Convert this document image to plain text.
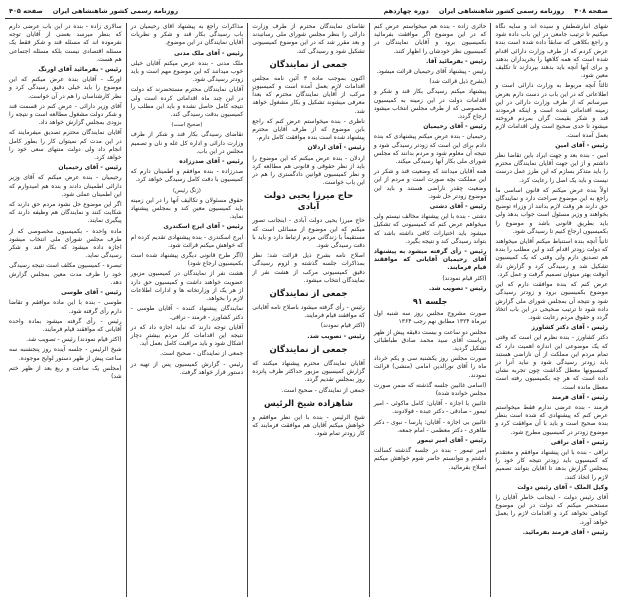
صفحه ۴۰۸
روزنامه رسمی کشور شاهنشاهی ایران
دوره چهاردهم
روزنامه رسمی کشور شاهنشاهی ایران
صفحه ۴۰۵

شهای انبارشطش و سیده اند و سایه نگاه میکنیم تا ترتیب جامعی در این باب داده شود و راجع بکلاهی که سابقاً داده شده است بنده عرض کردم که از طرف وزارت دارائی اقدام شده است که همه کلاهها را بخریداران بدهند و برای آنها آنچه باید بدهند بپردازند تا تکلیف معین شود.

ثالثاً آنچه مربوط به وزارت دارائی است و اطلاعاتی که در این باب در دست دارم بعرض میرسانم که از طرف وزارت دارائی در این زمینه اقداماتی شده است و اینکه فرمودند قند و شکر بقیمت گران بمردم فروخته میشود تا حدی صحیح است ولی اقدامات لازم بعمل آمده است.

رئیس - آقای امین

امین - بنده بعد و جهت ایراد باین تقاضا نظر داشتم و از این جهت آقایان نمایندگان محترم را باید متذکر بسازم که این طرز عمل درست نیست و باید یک اصل را رعایت کرد.

اولاً بنده عرض میکنم که قانون اساسی ما راجع به این موضوع صراحت دارد و نمایندگان حق دارند هر وقت لازم بدانند از وزراء توضیح بخواهند و وزیر مسئول است جواب بدهد ولی باید بطریق قانونی باشد و موضوع را بکمیسیون ارجاع کنیم تا رسیدگی شود.

ثانیاً آنچه بنده استنباط میکنم آقایان میخواهند که دولت زودتر اقدام کند و این مطلب را بنده هم تصدیق دارم ولی وقتی که یک کمیسیون تشکیل شد و رسیدگی کرد و گزارش داد آنوقت بهتر میتوان تصمیم گرفت و عمل کرد.

عرض کنم که بنده موافقت دارم که این موضوع بکمیسیون برود و زودتر رسیدگی شود و نتیجه آن بمجلس شورای ملی گزارش داده شود تا ترتیب صحیحی در این باب اتخاذ گردد و حقوق مردم رعایت شود.

رئیس - آقای دکتر کشاورز

دکتر کشاورز - بنده نظرم این است که وقتی که یک موضوعی این اندازه اهمیت دارد که تمام مردم این مملکت از آن ناراضی هستند باید زودتر رسیدگی شود و نباید آنرا در کمیسیونها معطل گذاشت چون تجربه نشان داده است که هر چه بکمیسیون رفته است معطل مانده است.

رئیس - آقای فرمند

فرمند - بنده عرضی ندارم فقط میخواستم عرض کنم که پیشنهادی که شده است بنظر بنده صحیح است و باید با آن موافقت کرد و موضوع زودتر در کمیسیون مطرح شود.

رئیس - آقای نراقی

نراقی - بنده با این پیشنهاد موافقم و معتقدم که کمیسیون باید زودتر نتیجه کار خود را بمجلس گزارش بدهد تا آقایان بتوانند تصمیم لازم را اتخاذ کنند.

وکیل الملک - آقای رئیس دولت

آقای رئیس دولت - اینجانب خاطر آقایان را مستحضر میکنم که دولت در این موضوع کوتاهی نخواهد کرد و اقدامات لازم را بعمل خواهد آورد.

رئیس - آقای فرمند بفرمائید.

حائری زاده - بنده هم میخواستم عرض کنم که در این موضوع اگر موافقت بفرمائید بکمیسیون برود و آقایان نمایندگان در کمیسیون نظر خودشان را اظهار کنند.

رئیس - بفرمائید آقا.

رئیس - پیشنهاد آقای رحیمیان قرائت میشود.

(بشرح ذیل قرائت شد)

پیشنهاد میکنم رسیدگی بکار قند و شکر و اقدامات دولت در این زمینه به کمیسیون مخصوصی که از طرف مجلس انتخاب میشود ارجاع گردد.

رئیس - آقای رحیمیان

رحیمیان - بنده عرض میکنم پیشنهادی که بنده دادم برای این است که زودتر رسیدگی شود و نتیجه آن معلوم شود و مردم بدانند که مجلس شورای ملی بکار آنها رسیدگی میکند.

همه آقایان میدانند که وضعیت قند و شکر در این مملکت بچه صورت است و مردم از این وضعیت چقدر ناراضی هستند و باید این موضوع زودتر حل شود.

رئیس - آقای دشتی

دشتی - بنده با این پیشنهاد مخالف نیستم ولی میخواهم عرض کنم که کمیسیونی که تشکیل میشود باید اختیارات کافی داشته باشد که بتواند رسیدگی کند و نتیجه بگیرد.

رئیس - رأی گرفته میشود به پیشنهاد آقای رحیمیان آقایانی که موافقند قیام فرمایند.

(اکثر قیام نمودند)

رئیس - تصویب شد.

جلسه ۹۱

صورت مشروح مجلس روز سه شنبه اول تیرماه ۱۳۲۴ مطابق نهم رجب ۱۳۶۴

مجلس دو ساعت و بیست دقیقه پیش از ظهر بریاست آقای سید محمد صادق طباطبائی تشکیل گردید.

صورت مجلس روز یکشنبه سی و یکم خرداد ماه را آقای نورالدین امامی (منشی) قرائت نمودند.

(اسامی غائبین جلسه گذشته که ضمن صورت مجلس خوانده شده)

غائبین با اجازه - آقایان: کامل ماکوئی - امیر تیمور - صادقی - دکتر عبده - فولادوند.

غائبین بی اجازه - آقایان: پارسا - نبوی - دکتر طاهری - دکتر معظمی - امام جمعه.

رئیس - آقای امیر تیمور

امیر تیمور - بنده در جلسه گذشته کسالت داشتم و نتوانستم حاضر شوم خواهش میکنم اصلاح بفرمائید.

تقاضای نمایندگان محترم از طرف وزارت دارائی را بنظر مجلس شورای ملی رسانیدند و بعد مقرر شد که در این موضوع کمیسیونی تشکیل شود و رسیدگی کند.

جمعی از نمایندگان

اکنون بموجب ماده ۳ آئین نامه مجلس اقدامات لازم بعمل آمده است و کمیسیون مرکب از آقایان نمایندگان محترم که بعداً معرفی میشوند تشکیل و بکار مشغول خواهد شد.

ناظری - بنده میخواستم عرض کنم که راجع باین موضوع که از طرف آقایان محترم پیشنهاد شده است بنده موافقت کامل دارم.

رئیس - آقای اردلان

اردلان - بنده عرض میکنم که این موضوع را باید از نظر حقوقی و قانونی هم مطالعه کرد و نظر کمیسیون قوانین دادگستری را هم در این باب خواست.

حاج میرزا یحیی دولت آبادی

حاج میرزا یحیی دولت آبادی - اینجانب تصور میکنم که این موضوع از مسائلی است که مستقیماً با زندگانی مردم ارتباط دارد و باید با دقت رسیدگی شود.

اصلاح نامه بشرح ذیل قرائت شد: نظر بمذاکرات جلسه گذشته و لزوم رسیدگی دقیق کمیسیونی مرکب از هشت نفر از نمایندگان انتخاب میشود.

جمعی از نمایندگان

رئیس - رأی گرفته میشود باصلاح نامه آقایانی که موافقند قیام فرمایند.

(اکثر قیام نمودند)

رئیس - تصویب شد.

جمعی از نمایندگان

آقایان نمایندگان محترم پیشنهاد میکنند که گزارش کمیسیون مزبور حداکثر ظرف پانزده روز بمجلس تقدیم گردد.

جمعی از نمایندگان - صحیح است.

شاهزاده شیخ الرئیس

شیخ الرئیس - بنده با این نظر موافقم و خواهش میکنم آقایان هم موافقت فرمایند که کار زودتر تمام شود.

مذاکرات راجع به پیشنهاد آقای رحیمیان در باب رسیدگی بکار قند و شکر و نظریات آقایان نمایندگان در این موضوع.

رئیس - آقای ملک مدنی

ملک مدنی - بنده عرض میکنم آقایان خیلی خوب میدانند که این موضوع مهم است و باید زودتر رسیدگی شود.

آقایان نمایندگان محترم مستحضرند که دولت در این چند ماه اقداماتی کرده است ولی نتیجه کامل حاصل نشده و باید این مطلب را کمیسیون بدقت رسیدگی کند.

(صحیح است)

تقاضای رسیدگی بکار قند و شکر از طرف وزارت دارائی و اداره کل غله و نان و تصمیم مجلس در این باب.

رئیس - آقای صدرزاده

صدرزاده - بنده موافقم و اطمینان دارم که کمیسیون با دقت کامل رسیدگی خواهد کرد.

(زنگ رئیس)

حقوق مسئولان و تکالیف آنها را در این زمینه باید کمیسیون معین کند و بمجلس پیشنهاد نماید.

رئیس - آقای ایرج اسکندری

ایرج اسکندری - بنده پیشنهادی تقدیم کرده ام که خواهش میکنم قرائت شود.

(اگر طرح قانونی دیگری پیشنهاد شده است بکمیسیون ارجاع شود)

هشت نفر از نمایندگان در کمیسیون مزبور عضویت خواهند داشت و کمیسیون حق دارد از هر یک از وزارتخانه ها و ادارات اطلاعات لازم را بخواهد.

نمایندگان پیشنهاد کننده - آقایان طوسی - دکتر کشاورز - فرمند - نراقی.

آقایان توجه دارند که نباید اجازه داد که در نتیجه این اقدامات کار مردم بیشتر دچار اشکال شود و باید مراقبت کامل بعمل آید.

جمعی از نمایندگان - صحیح است.

رئیس - گزارش کمیسیون پس از تهیه در دستور قرار خواهد گرفت.

سالاری زاده - بنده در این باب عرضی دارم که بنظر میرسد بعضی از آقایان توجه نفرموده اند که مسئله قند و شکر فقط یک مسئله اقتصادی نیست بلکه مسئله اجتماعی هم هست.

رئیس - بفرمائید آقای اورنگ

اورنگ - آقایان بنده عرض میکنم که این موضوع را باید خیلی دقیق رسیدگی کرد و نظر کارشناسان را هم در آن خواست.

آقای وزیر دارائی - عرض کنم در قسمت قند و شکر دولت مشغول مطالعه است و نتیجه را بزودی بمجلس گزارش خواهد داد.

آقایان نمایندگان محترم تصدیق میفرمایند که در این مدت کم نمیتوان کار را بطور کامل انجام داد ولی دولت منتهای سعی خود را خواهد کرد.

رئیس - آقای رحیمیان

رحیمیان - بنده عرض میکنم که آقای وزیر دارائی اطمینان دادند و بنده هم امیدوارم که این اطمینان عملی شود.

اگر این موضوع حل نشود مردم حق دارند که شکایت کنند و نمایندگان هم وظیفه دارند که پیگیری نمایند.

ماده واحده - بکمیسیون مخصوصی که از طرف مجلس شورای ملی انتخاب میشود اجازه داده میشود که بکار قند و شکر رسیدگی نماید.

تبصره - کمیسیون مکلف است نتیجه رسیدگی خود را ظرف مدت معین بمجلس گزارش دهد.

رئیس - آقای طوسی

طوسی - بنده با این ماده موافقم و تقاضا دارم رأی گرفته شود.

رئیس - رأی گرفته میشود بماده واحده آقایانی که موافقند قیام فرمایند.

(اکثر قیام نمودند) رئیس - تصویب شد.

شیخ الرئیس - جلسه آینده روز پنجشنبه سه ساعت پیش از ظهر دستور لوایح موجوده.

(مجلس یک ساعت و ربع بعد از ظهر ختم شد)
